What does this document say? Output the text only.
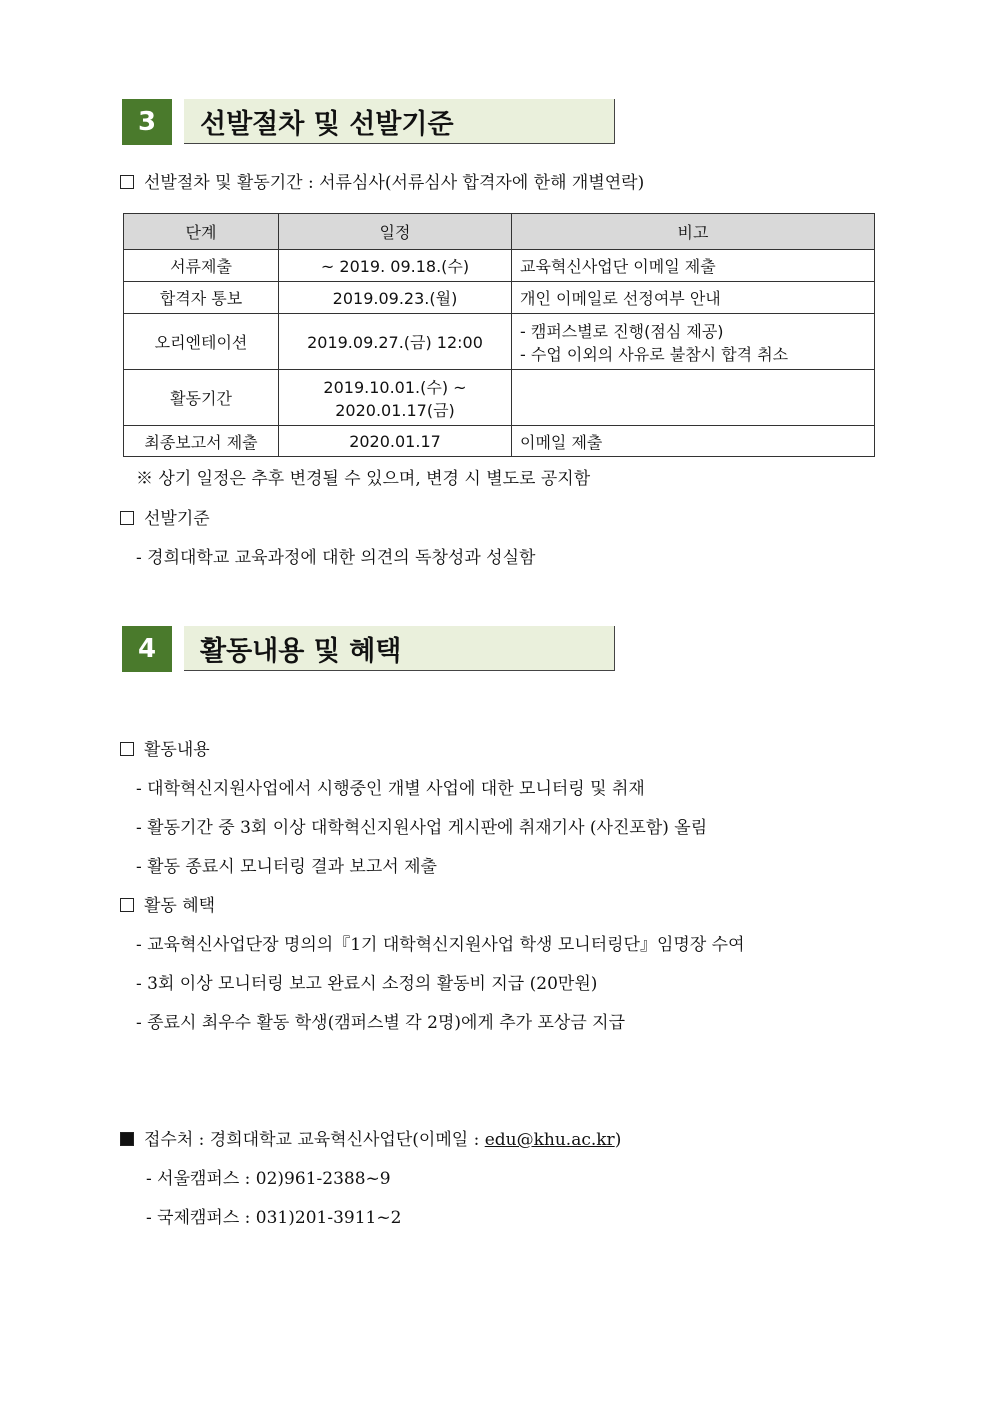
3	선발절차 및 선발기준
선발절차 및 활동기간 : 서류심사(서류심사 합격자에 한해 개별연락)
단계	일정	비고
서류제출	~ 2019. 09.18.(수)	교육혁신사업단 이메일 제출
합격자 통보	2019.09.23.(월)	개인 이메일로 선정여부 안내
오리엔테이션	2019.09.27.(금) 12:00	- 캠퍼스별로 진행(점심 제공)
- 수업 이외의 사유로 불참시 합격 취소

활동기간	2019.10.01.(수) ~
2020.01.17(금)	

최종보고서 제출	2020.01.17	이메일 제출
※ 상기 일정은 추후 변경될 수 있으며, 변경 시 별도로 공지함
선발기준
- 경희대학교 교육과정에 대한 의견의 독창성과 성실함
4	활동내용 및 혜택
활동내용
- 대학혁신지원사업에서 시행중인 개별 사업에 대한 모니터링 및 취재
- 활동기간 중 3회 이상 대학혁신지원사업 게시판에 취재기사 (사진포함) 올림
- 활동 종료시 모니터링 결과 보고서 제출
활동 혜택
- 교육혁신사업단장 명의의『1기 대학혁신지원사업 학생 모니터링단』임명장 수여
- 3회 이상 모니터링 보고 완료시 소정의 활동비 지급 (20만원)
- 종료시 최우수 활동 학생(캠퍼스별 각 2명)에게 추가 포상금 지급
접수처 : 경희대학교 교육혁신사업단(이메일 : edu@khu.ac.kr)
- 서울캠퍼스 : 02)961-2388~9
- 국제캠퍼스 : 031)201-3911~2
